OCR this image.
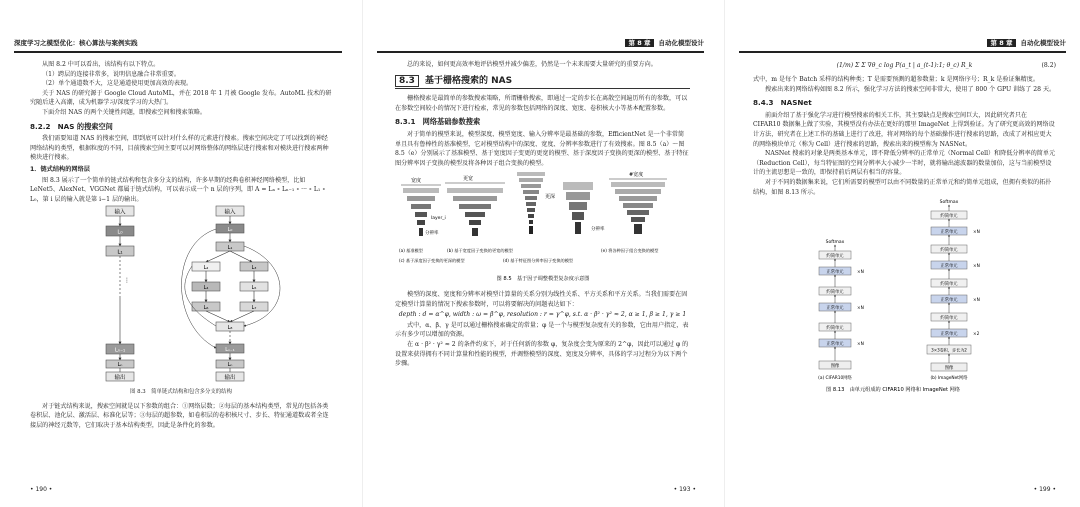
深度学习之模型优化：核心算法与案例实践

从图 8.2 中可以看出，该结构有以下特点。

（1）跨层的连接非常多，说明信息融合非常重要。

（2）单个通道数不大，这是通道使用更加高效的表现。

关于 NAS 的研究源于 Google Cloud AutoML，并在 2018 年 1 月被 Google 发布。AutoML 技术的研究随后进入高潮，成为机器学习/深度学习的大热门。

下面介绍 NAS 的两个关键性问题，即搜索空间和搜索策略。

8.2.2　NAS 的搜索空间

我们需要知道 NAS 的搜索空间，即到底可以针对什么样的元素进行搜索。搜索空间决定了可以找到的神经网络结构的类型，根据粒度的不同，目前搜索空间主要可以对网络整体的网络层进行搜索和对模块进行搜索两种模块进行搜索。

1．链式结构的网络层

图 8.3 展示了一个简单的链式结构和包含多分支的结构，许多早期的经典卷积神经网络模型，比如 LeNet5、AlexNet、VGGNet 都属于链式结构，可以表示成一个 n 层的序列，即 A = Lₙ ∘ Lₙ₋₁ ∘ ··· ∘ L₁ ∘ L₀，第 i 层的输入就是第 i−1 层的输出。

输入
L₀
L₁
⋮
Lₙ₋₁
Lₙ
输出
输入
L₀
L₁
L₂	L₃
L₄	L₅
L₆	L₇
L₈
Lₙ₋₁
Lₙ
输出
图 8.3　简单链式结构和包含多分支的结构

对于链式结构来说，搜索空间就是以下参数的组合：①网络层数；②每层的基本结构类型，常见的包括各类卷积层、池化层、激活层、标准化层等；③每层的超参数，如卷积层的卷积核尺寸、步长、特征通道数或者全连接层的神经元数等，它们取决于基本结构类型，因此是条件化的参数。

• 190 •
第 8 章 自动化模型设计

总的来说，如何更高效率地评估模型并减少偏差，仍然是一个未来需要大量研究的重要方向。

8.3 基于栅格搜索的 NAS

栅格搜索是最简单的参数搜索策略，所谓栅格搜索，即通过一定的步长在离散空间遍历所有的参数，可以在参数空间较小的情况下进行检索，常见的参数包括网络的深度、宽度、卷积核大小等基本配置参数。

8.3.1　网络基础参数搜索

对于简单的模型来说，模型深度、模型宽度、输入分辨率是最基础的参数，EfficientNet 是一个非常简单且具有鲁棒性的基准模型，它对模型结构中的深度、宽度、分辨率参数进行了有效搜索。图 8.5（a）～图 8.5（e）分别展示了基准模型、基于宽度因子变更的更宽的模型、基于深度因子变换的更深的模型、基于特征图分辨率因子变换的模型及将各种因子组合变换的模型。

宽度
layer_i
分辨率
更宽
更深
分辨率
#宽度
(a) 基准模型	(b) 基于宽度因子变换的更宽的模型
(c) 基于深度因子变换的更深的模型	(d) 基于特征图分辨率因子变换的模型
(e) 将各种因子组合变换的模型
图 8.5　基于因子调整模型复杂度示意图

模型的深度、宽度和分辨率对模型计算量的关系分别为线性关系、平方关系和平方关系。当我们需要在固定模型计算量的情况下搜索参数时，可以将要解决的问题表达如下：

depth : d = α^φ, width : ω = β^φ, resolution : r = γ^φ, s.t. α · β² · γ² ≈ 2, α ≥ 1, β ≥ 1, γ ≥ 1

式中，α、β、γ 是可以通过栅格搜索确定的常量；φ 是一个与模型复杂度有关的参数，它由用户指定，表示有多少可以增加的资源。

在 α · β² · γ² ≈ 2 的条件约束下，对于任何新的参数 φ，复杂度会变为原来的 2^φ，因此可以通过 φ 的设置来获得拥有不同计算量和性能的模型，并调整模型的深度、宽度及分辨率，具体的学习过程分为以下两个步骤。

• 193 •
第 8 章 自动化模型设计

(1/m) Σ Σ ∇θ_c log P(a_t | a_(t-1):1; θ_c) R_k	(8.2)

式中，m 是每个 Batch 采样的结构种类；T 是需要预测的超参数量；k 是网络序号；R_k 是验证集精度。

搜索出来的网络结构如图 8.2 所示，强化学习方法的搜索空间非常大，使用了 800 个 GPU 训练了 28 天。

8.4.3　NASNet

前面介绍了基于强化学习进行模型搜索的相关工作，其主要缺点是搜索空间巨大，因此研究者只在 CIFAR10 数据集上做了实验，其模型没有办法在更好的那里 ImageNet 上得到验证。为了研究更高效的网络设计方法，研究者在上述工作的基础上进行了改进，将对网络的每个基础操作进行搜索的思路，改成了对相应更大的网络模块单元（称为 Cell）进行搜索的思路，搜索出来的模型称为 NASNet。

NASNet 搜索的对象是两类基本单元，即不降低分辨率的正常单元（Normal Cell）和降低分辨率的简单元（Reduction Cell），每当特征图的空间分辨率大小减少一半时，就将输出滤波器的数量加倍，这与当前模型设计的主流思想是一致的，即保持前后两层有相当的容量。

对于不同的数据集来说，它们所需要的模型可以由不同数量的正常单元和约简单元组成，但拥有类似的拓扑结构，如图 8.13 所示。

Softmax
约简单元
正常单元	×N
约简单元
正常单元	×N
约简单元
正常单元	×N
图像
(a) CIFAR10网络
Softmax
约简单元
正常单元	×N
约简单元
正常单元	×N
约简单元
正常单元	×N
约简单元
正常单元	×2
3×3卷积，步长为2
图像
(b) ImageNet网络
图 8.13　由单元组成的 CIFAR10 网络和 ImageNet 网络
• 199 •
